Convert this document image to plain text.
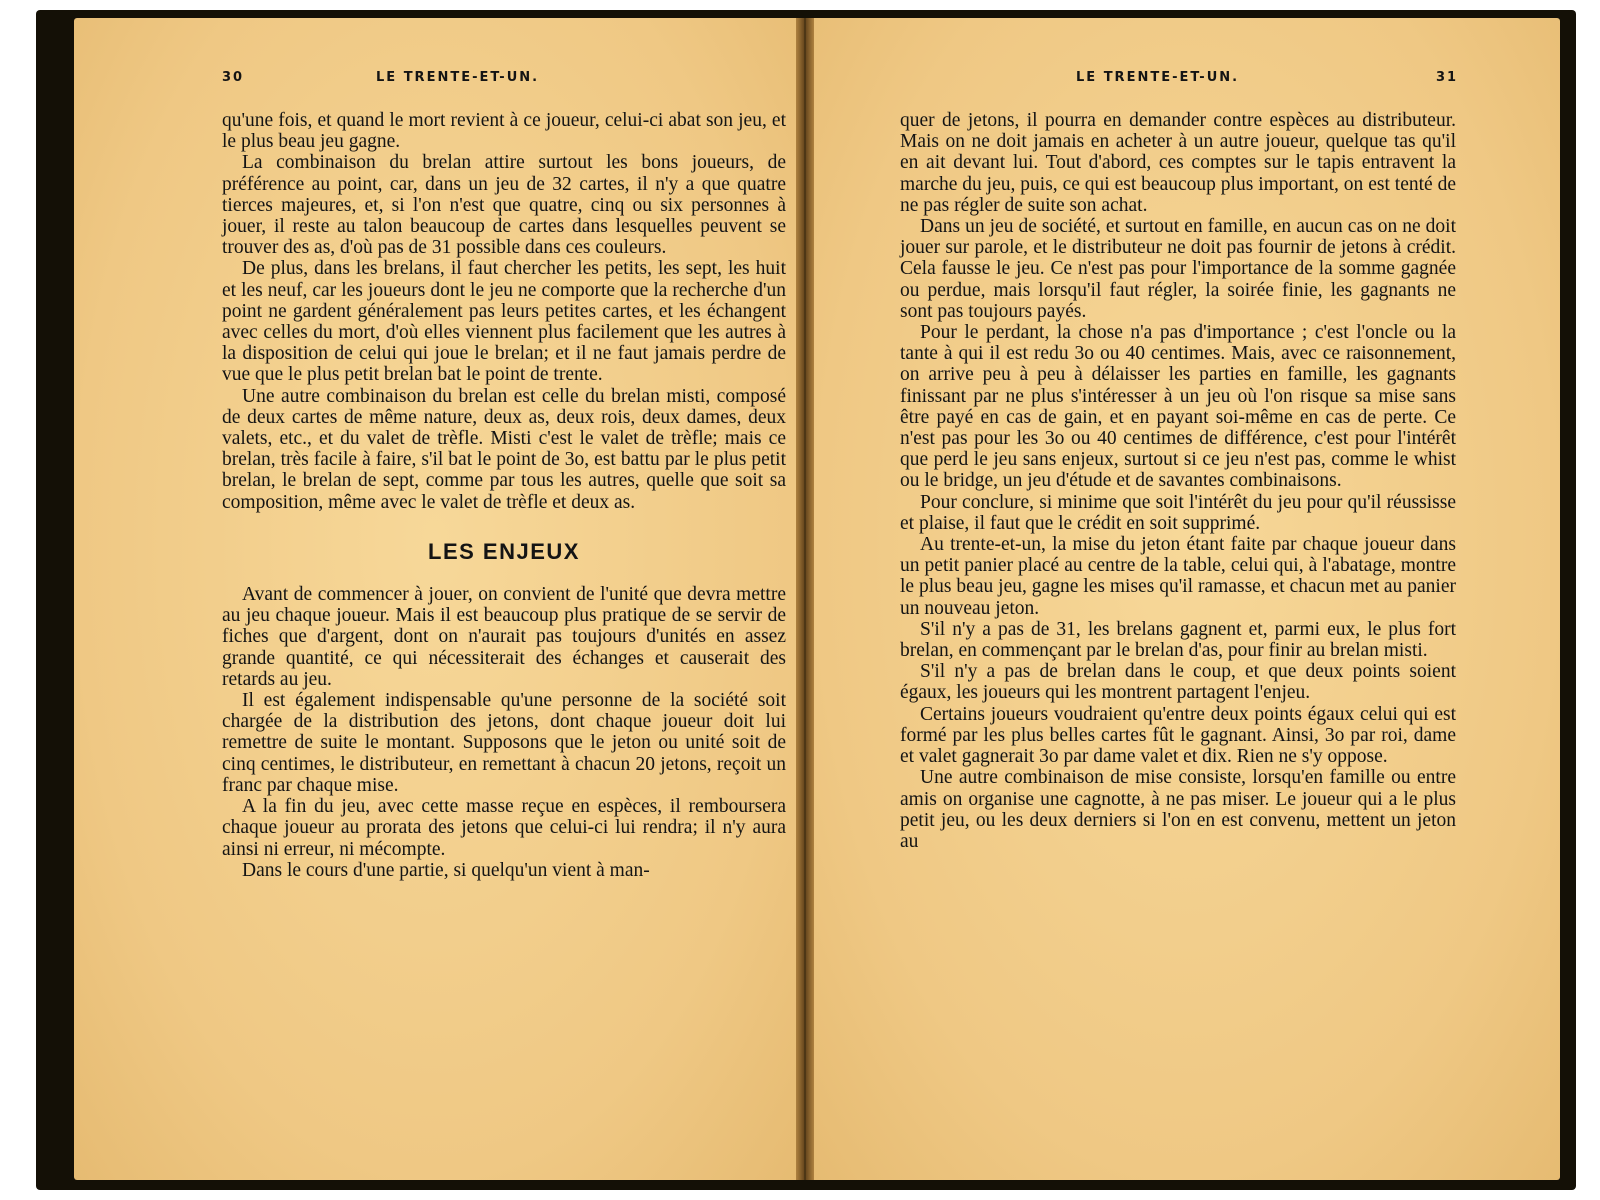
30	LE TRENTE-ET-UN.

qu'une fois, et quand le mort revient à ce joueur, celui-ci abat son jeu, et le plus beau jeu gagne.

La combinaison du brelan attire surtout les bons joueurs, de préférence au point, car, dans un jeu de 32 cartes, il n'y a que quatre tierces majeures, et, si l'on n'est que quatre, cinq ou six personnes à jouer, il reste au talon beaucoup de cartes dans lesquelles peuvent se trouver des as, d'où pas de 31 possible dans ces couleurs.

De plus, dans les brelans, il faut chercher les petits, les sept, les huit et les neuf, car les joueurs dont le jeu ne comporte que la recherche d'un point ne gardent généralement pas leurs petites cartes, et les échangent avec celles du mort, d'où elles viennent plus facilement que les autres à la disposition de celui qui joue le brelan; et il ne faut jamais perdre de vue que le plus petit brelan bat le point de trente.

Une autre combinaison du brelan est celle du brelan misti, composé de deux cartes de même nature, deux as, deux rois, deux dames, deux valets, etc., et du valet de trèfle. Misti c'est le valet de trèfle; mais ce brelan, très facile à faire, s'il bat le point de 3o, est battu par le plus petit brelan, le brelan de sept, comme par tous les autres, quelle que soit sa composition, même avec le valet de trèfle et deux as.

LES ENJEUX

Avant de commencer à jouer, on convient de l'unité que devra mettre au jeu chaque joueur. Mais il est beaucoup plus pratique de se servir de fiches que d'argent, dont on n'aurait pas toujours d'unités en assez grande quantité, ce qui nécessiterait des échanges et causerait des retards au jeu.

Il est également indispensable qu'une personne de la société soit chargée de la distribution des jetons, dont chaque joueur doit lui remettre de suite le montant. Supposons que le jeton ou unité soit de cinq centimes, le distributeur, en remettant à chacun 20 jetons, reçoit un franc par chaque mise.

A la fin du jeu, avec cette masse reçue en espèces, il remboursera chaque joueur au prorata des jetons que celui-ci lui rendra; il n'y aura ainsi ni erreur, ni mécompte.

Dans le cours d'une partie, si quelqu'un vient à man-

LE TRENTE-ET-UN.	31

quer de jetons, il pourra en demander contre espèces au distributeur. Mais on ne doit jamais en acheter à un autre joueur, quelque tas qu'il en ait devant lui. Tout d'abord, ces comptes sur le tapis entravent la marche du jeu, puis, ce qui est beaucoup plus important, on est tenté de ne pas régler de suite son achat.

Dans un jeu de société, et surtout en famille, en aucun cas on ne doit jouer sur parole, et le distributeur ne doit pas fournir de jetons à crédit. Cela fausse le jeu. Ce n'est pas pour l'importance de la somme gagnée ou perdue, mais lorsqu'il faut régler, la soirée finie, les gagnants ne sont pas toujours payés.

Pour le perdant, la chose n'a pas d'importance ; c'est l'oncle ou la tante à qui il est redu 3o ou 40 centimes. Mais, avec ce raisonnement, on arrive peu à peu à délaisser les parties en famille, les gagnants finissant par ne plus s'intéresser à un jeu où l'on risque sa mise sans être payé en cas de gain, et en payant soi-même en cas de perte. Ce n'est pas pour les 3o ou 40 centimes de différence, c'est pour l'intérêt que perd le jeu sans enjeux, surtout si ce jeu n'est pas, comme le whist ou le bridge, un jeu d'étude et de savantes combinaisons.

Pour conclure, si minime que soit l'intérêt du jeu pour qu'il réussisse et plaise, il faut que le crédit en soit supprimé.

Au trente-et-un, la mise du jeton étant faite par chaque joueur dans un petit panier placé au centre de la table, celui qui, à l'abatage, montre le plus beau jeu, gagne les mises qu'il ramasse, et chacun met au panier un nouveau jeton.

S'il n'y a pas de 31, les brelans gagnent et, parmi eux, le plus fort brelan, en commençant par le brelan d'as, pour finir au brelan misti.

S'il n'y a pas de brelan dans le coup, et que deux points soient égaux, les joueurs qui les montrent partagent l'enjeu.

Certains joueurs voudraient qu'entre deux points égaux celui qui est formé par les plus belles cartes fût le gagnant. Ainsi, 3o par roi, dame et valet gagnerait 3o par dame valet et dix. Rien ne s'y oppose.

Une autre combinaison de mise consiste, lorsqu'en famille ou entre amis on organise une cagnotte, à ne pas miser. Le joueur qui a le plus petit jeu, ou les deux derniers si l'on en est convenu, mettent un jeton au
